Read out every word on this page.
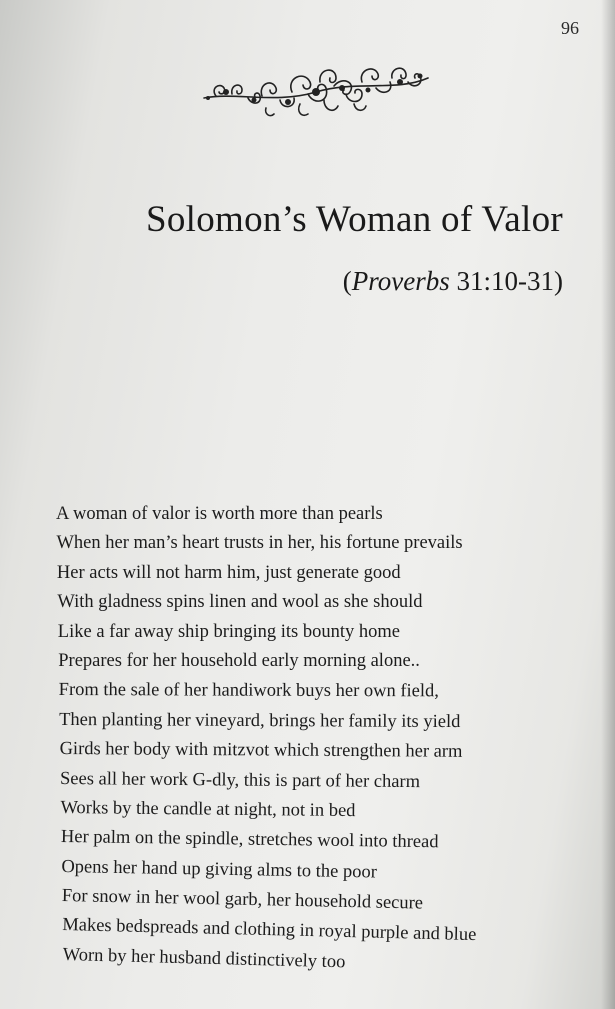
96
Solomon’s Woman of Valor
(Proverbs 31:10-31)
A woman of valor is worth more than pearls
When her man’s heart trusts in her, his fortune prevails
Her acts will not harm him, just generate good
With gladness spins linen and wool as she should
Like a far away ship bringing its bounty home
Prepares for her household early morning alone..
From the sale of her handiwork buys her own field,
Then planting her vineyard, brings her family its yield
Girds her body with mitzvot which strengthen her arm
Sees all her work G-dly, this is part of her charm
Works by the candle at night, not in bed
Her palm on the spindle, stretches wool into thread
Opens her hand up giving alms to the poor
For snow in her wool garb, her household secure
Makes bedspreads and clothing in royal purple and blue
Worn by her husband distinctively too
